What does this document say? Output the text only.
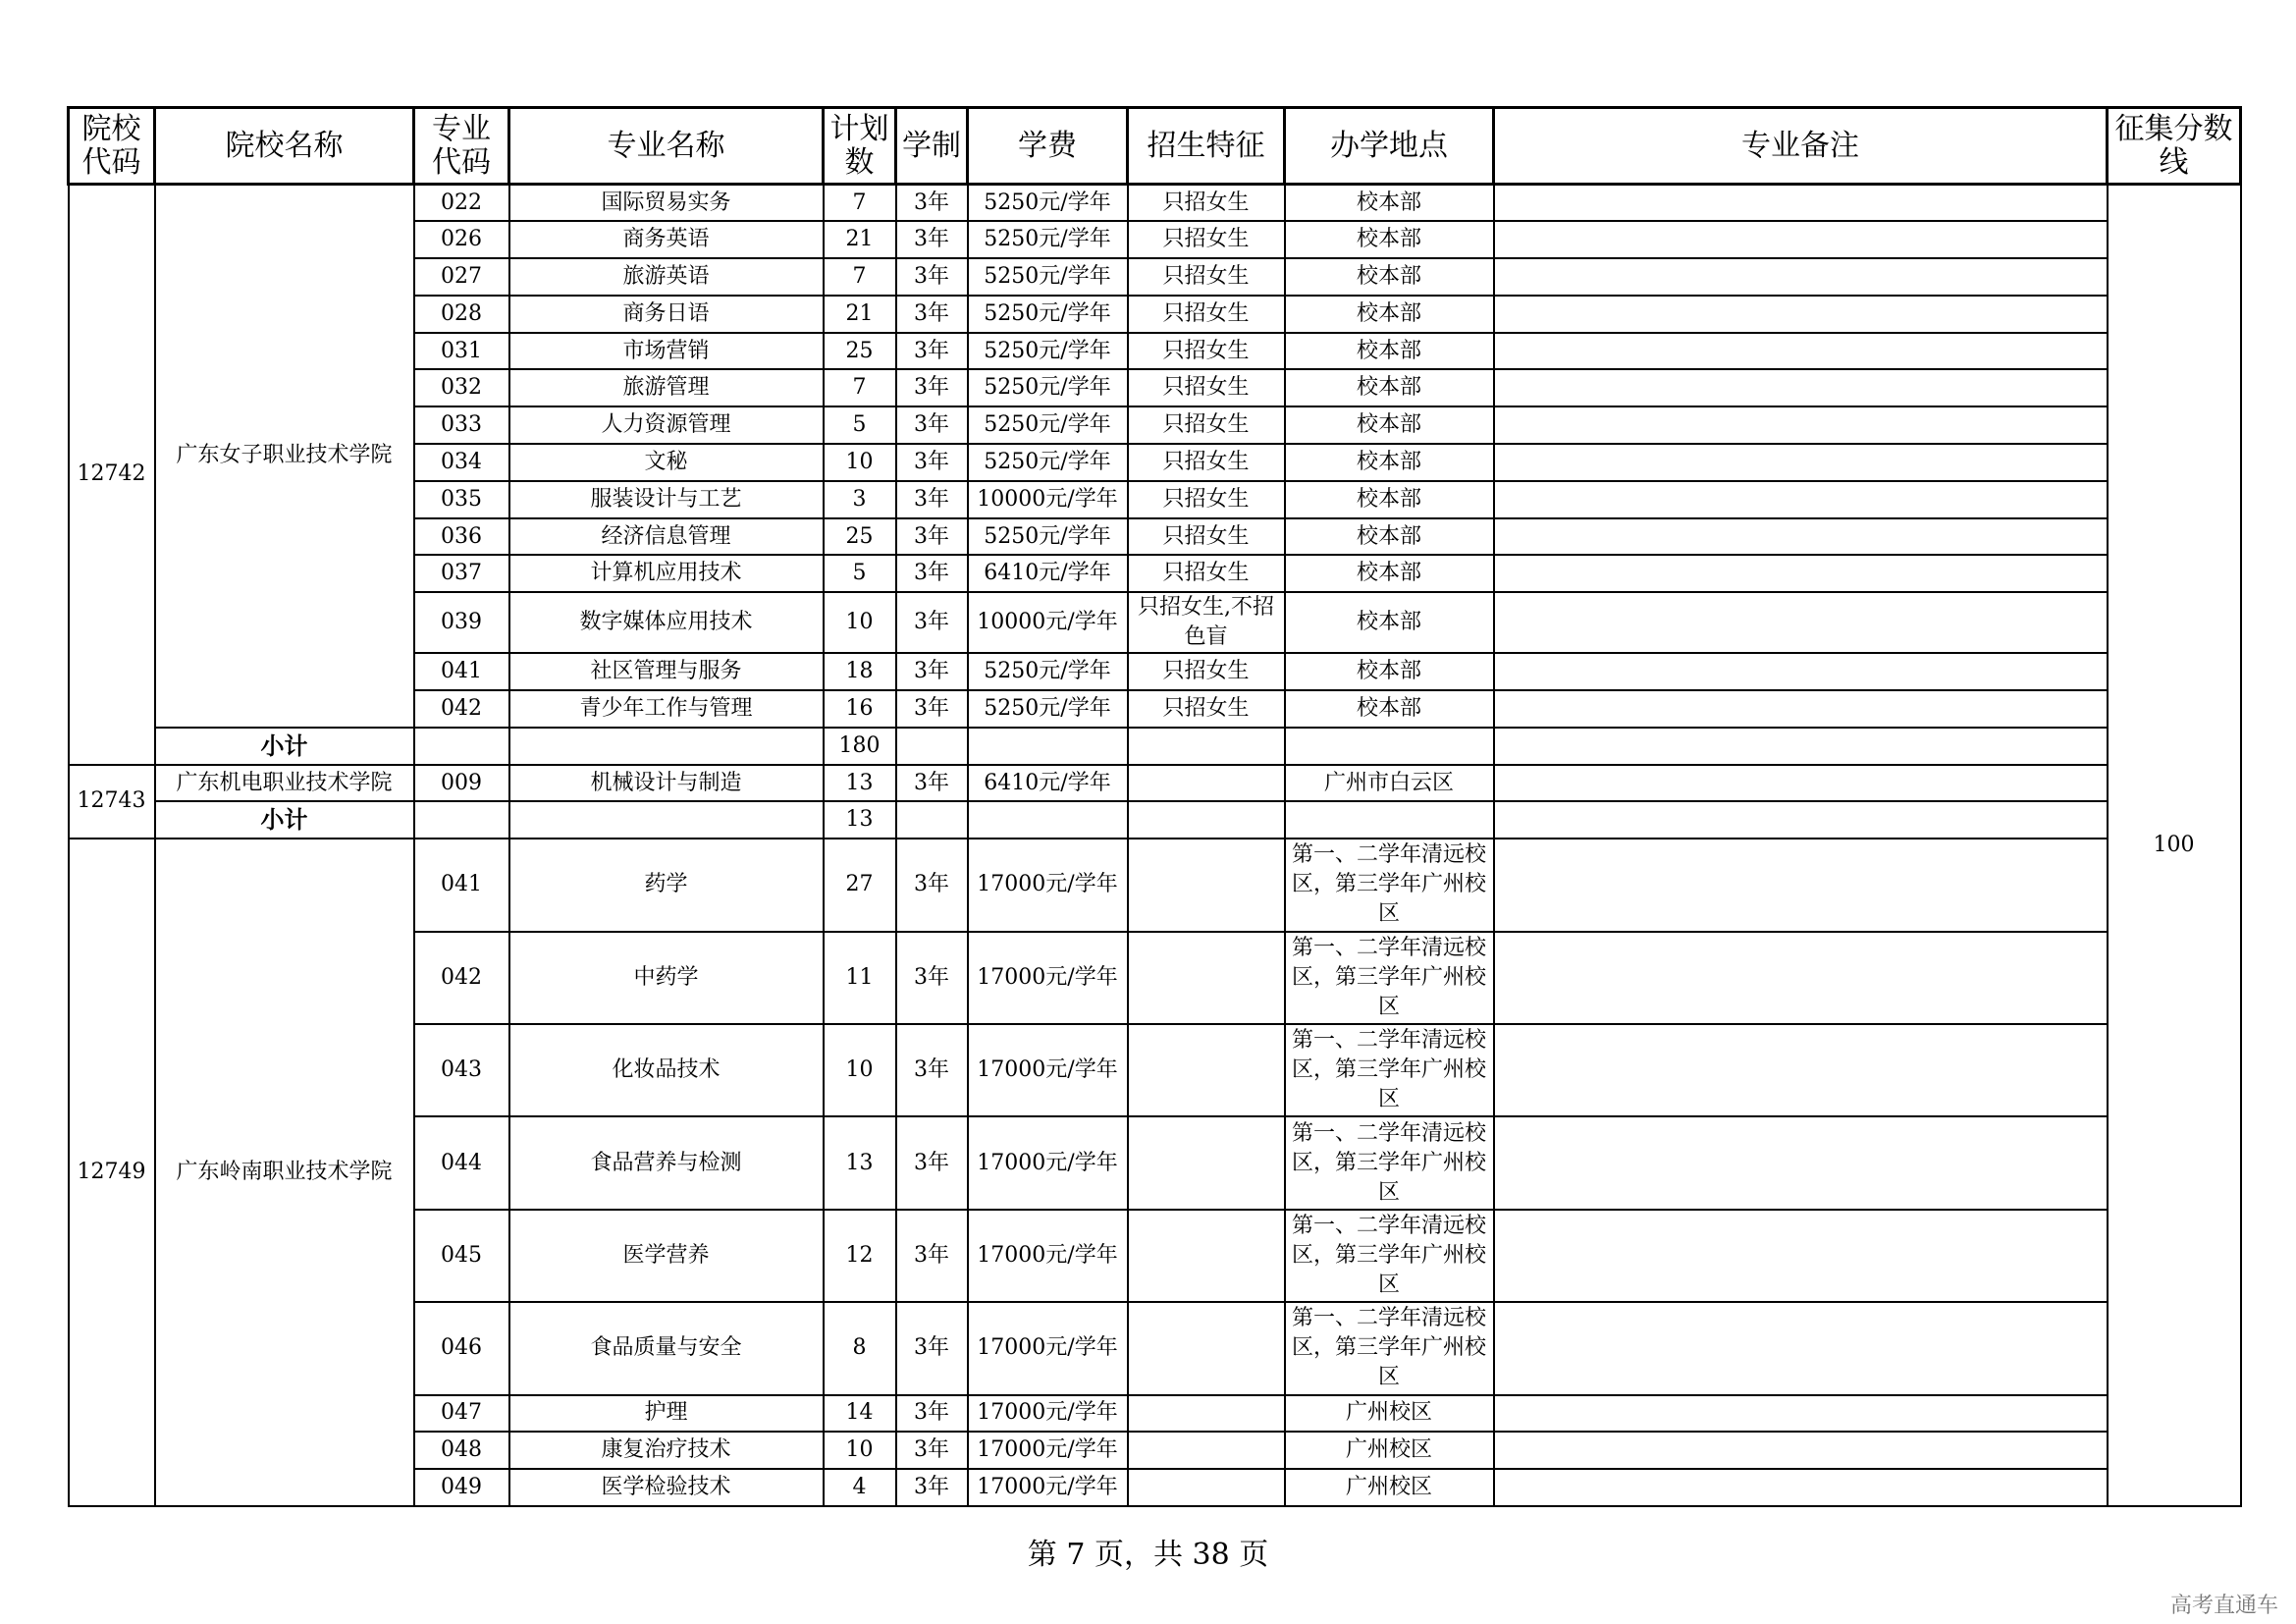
院校代码	院校名称	专业代码	专业名称	计划数	学制	学费	招生特征	办学地点	专业备注	征集分数线
12742	广东女子职业技术学院	022	国际贸易实务	7	3年	5250元/学年	只招女生	校本部		100
		026	商务英语	21	3年	5250元/学年	只招女生	校本部		
		027	旅游英语	7	3年	5250元/学年	只招女生	校本部		
		028	商务日语	21	3年	5250元/学年	只招女生	校本部		
		031	市场营销	25	3年	5250元/学年	只招女生	校本部		
		032	旅游管理	7	3年	5250元/学年	只招女生	校本部		
		033	人力资源管理	5	3年	5250元/学年	只招女生	校本部		
		034	文秘	10	3年	5250元/学年	只招女生	校本部		
		035	服装设计与工艺	3	3年	10000元/学年	只招女生	校本部		
		036	经济信息管理	25	3年	5250元/学年	只招女生	校本部		
		037	计算机应用技术	5	3年	6410元/学年	只招女生	校本部		
		039	数字媒体应用技术	10	3年	10000元/学年	只招女生,不招色盲	校本部		
		041	社区管理与服务	18	3年	5250元/学年	只招女生	校本部		
		042	青少年工作与管理	16	3年	5250元/学年	只招女生	校本部		
	小计			180						
12743	广东机电职业技术学院	009	机械设计与制造	13	3年	6410元/学年		广州市白云区		
	小计			13						
12749	广东岭南职业技术学院	041	药学	27	3年	17000元/学年		第一、二学年清远校区，第三学年广州校区		
		042	中药学	11	3年	17000元/学年		第一、二学年清远校区，第三学年广州校区		
		043	化妆品技术	10	3年	17000元/学年		第一、二学年清远校区，第三学年广州校区		
		044	食品营养与检测	13	3年	17000元/学年		第一、二学年清远校区，第三学年广州校区		
		045	医学营养	12	3年	17000元/学年		第一、二学年清远校区，第三学年广州校区		
		046	食品质量与安全	8	3年	17000元/学年		第一、二学年清远校区，第三学年广州校区		
		047	护理	14	3年	17000元/学年		广州校区		
		048	康复治疗技术	10	3年	17000元/学年		广州校区		
		049	医学检验技术	4	3年	17000元/学年		广州校区		
第 7 页，共 38 页
高考直通车
